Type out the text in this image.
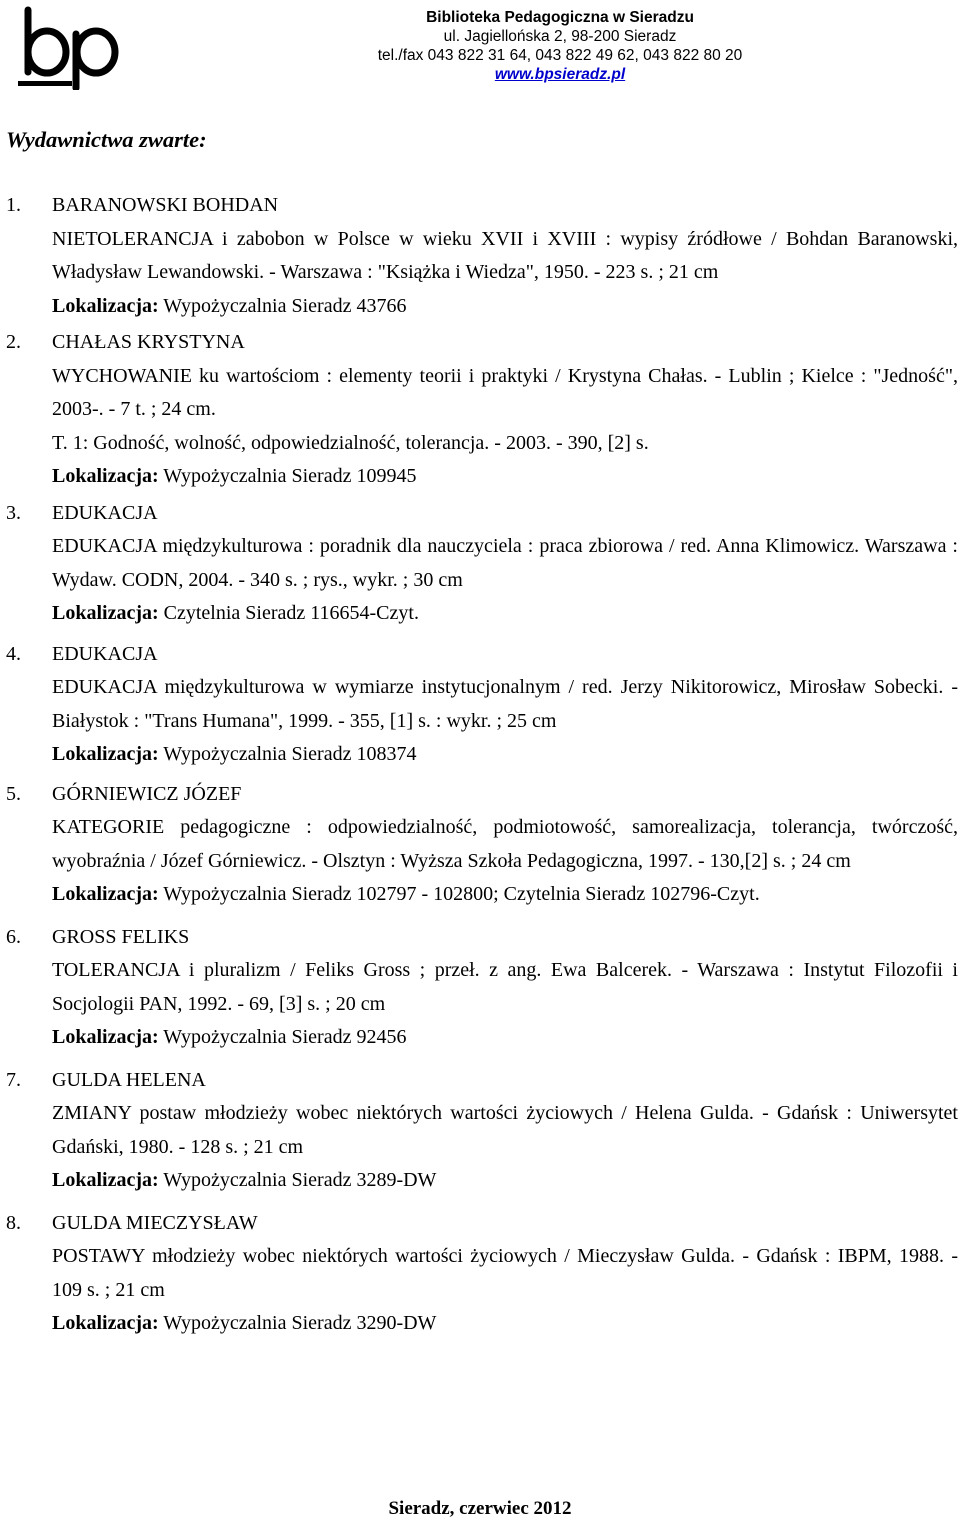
Biblioteka Pedagogiczna w Sieradzu
ul. Jagiellońska 2, 98-200 Sieradz
tel./fax 043 822 31 64, 043 822 49 62, 043 822 80 20
www.bpsieradz.pl
Wydawnictwa zwarte:
1. BARANOWSKI BOHDAN
NIETOLERANCJA i zabobon w Polsce w wieku XVII i XVIII : wypisy źródłowe / Bohdan Baranowski, Władysław Lewandowski. - Warszawa : "Książka i Wiedza", 1950. - 223 s. ; 21 cm
Lokalizacja: Wypożyczalnia Sieradz 43766
2. CHAŁAS KRYSTYNA
WYCHOWANIE ku wartościom : elementy teorii i praktyki / Krystyna Chałas. - Lublin ; Kielce : "Jedność", 2003-. - 7 t. ; 24 cm.
T. 1: Godność, wolność, odpowiedzialność, tolerancja. - 2003. - 390, [2] s.
Lokalizacja: Wypożyczalnia Sieradz 109945
3. EDUKACJA
EDUKACJA międzykulturowa : poradnik dla nauczyciela : praca zbiorowa / red. Anna Klimowicz. Warszawa : Wydaw. CODN, 2004. - 340 s. ; rys., wykr. ; 30 cm
Lokalizacja: Czytelnia Sieradz 116654-Czyt.
4. EDUKACJA
EDUKACJA międzykulturowa w wymiarze instytucjonalnym / red. Jerzy Nikitorowicz, Mirosław Sobecki. - Białystok : "Trans Humana", 1999. - 355, [1] s. : wykr. ; 25 cm
Lokalizacja: Wypożyczalnia Sieradz 108374
5. GÓRNIEWICZ JÓZEF
KATEGORIE pedagogiczne : odpowiedzialność, podmiotowość, samorealizacja, tolerancja, twórczość, wyobraźnia / Józef Górniewicz. - Olsztyn : Wyższa Szkoła Pedagogiczna, 1997. - 130,[2] s. ; 24 cm
Lokalizacja: Wypożyczalnia Sieradz 102797 - 102800; Czytelnia Sieradz 102796-Czyt.
6. GROSS FELIKS
TOLERANCJA i pluralizm / Feliks Gross ; przeł. z ang. Ewa Balcerek. - Warszawa : Instytut Filozofii i Socjologii PAN, 1992. - 69, [3] s. ; 20 cm
Lokalizacja: Wypożyczalnia Sieradz 92456
7. GULDA HELENA
ZMIANY postaw młodzieży wobec niektórych wartości życiowych / Helena Gulda. - Gdańsk : Uniwersytet Gdański, 1980. - 128 s. ; 21 cm
Lokalizacja: Wypożyczalnia Sieradz 3289-DW
8. GULDA MIECZYSŁAW
POSTAWY młodzieży wobec niektórych wartości życiowych / Mieczysław Gulda. - Gdańsk : IBPM, 1988. - 109 s. ; 21 cm
Lokalizacja: Wypożyczalnia Sieradz 3290-DW
Sieradz, czerwiec 2012
